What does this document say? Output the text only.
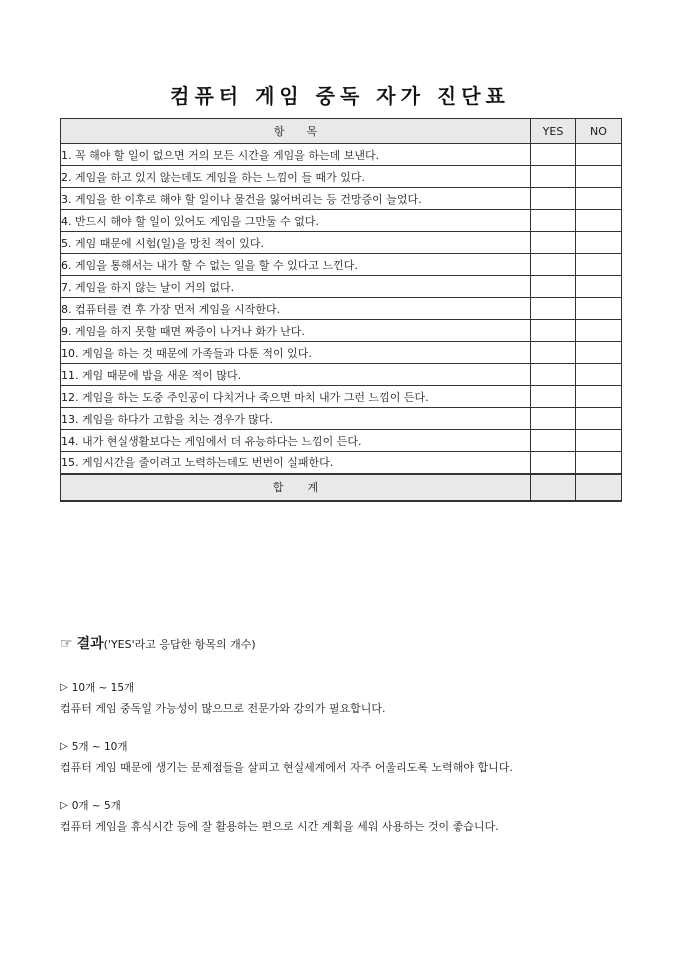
컴퓨터 게임 중독 자가 진단표
항목	YES	NO
1. 꼭 해야 할 일이 없으면 거의 모든 시간을 게임을 하는데 보낸다.		
2. 게임을 하고 있지 않는데도 게임을 하는 느낌이 들 때가 있다.		
3. 게임을 한 이후로 해야 할 일이나 물건을 잃어버리는 등 건망증이 늘었다.		
4. 반드시 해야 할 일이 있어도 게임을 그만둘 수 없다.		
5. 게임 때문에 시험(일)을 망친 적이 있다.		
6. 게임을 통해서는 내가 할 수 없는 일을 할 수 있다고 느낀다.		
7. 게임을 하지 않는 날이 거의 없다.		
8. 컴퓨터를 켠 후 가장 먼저 게임을 시작한다.		
9. 게임을 하지 못할 때면 짜증이 나거나 화가 난다.		
10. 게임을 하는 것 때문에 가족들과 다툰 적이 있다.		
11. 게임 때문에 밤을 새운 적이 많다.		
12. 게임을 하는 도중 주인공이 다치거나 죽으면 마치 내가 그런 느낌이 든다.		
13. 게임을 하다가 고함을 치는 경우가 많다.		
14. 내가 현실생활보다는 게임에서 더 유능하다는 느낌이 든다.		
15. 게임시간을 줄이려고 노력하는데도 번번이 실패한다.		
합계		
☞ 결과 ('YES'라고 응답한 항목의 개수)
▷ 10개 ~ 15개
컴퓨터 게임 중독일 가능성이 많으므로 전문가와 강의가 필요합니다.
▷ 5개 ~ 10개
컴퓨터 게임 때문에 생기는 문제점들을 살피고 현실세계에서 자주 어울리도록 노력해야 합니다.
▷ 0개 ~ 5개
컴퓨터 게임을 휴식시간 등에 잘 활용하는 편으로 시간 계획을 세워 사용하는 것이 좋습니다.
